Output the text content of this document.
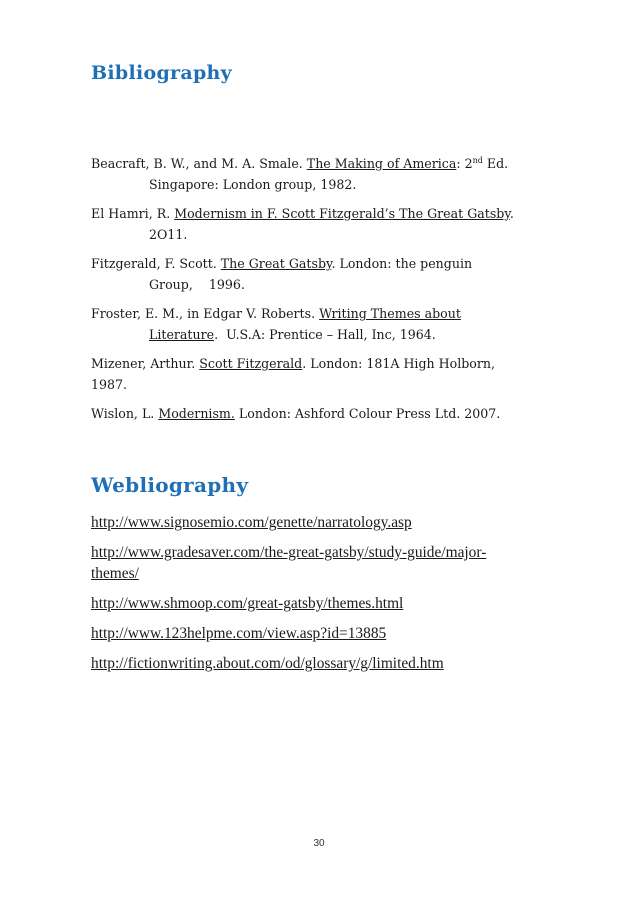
Bibliography
Beacraft, B. W., and M. A. Smale. The Making of America: 2nd Ed.
Singapore: London group, 1982.
El Hamri, R. Modernism in F. Scott Fitzgerald’s The Great Gatsby.
2O11.
Fitzgerald, F. Scott. The Great Gatsby. London: the penguin
Group,    1996.
Froster, E. M., in Edgar V. Roberts. Writing Themes about
Literature.  U.S.A: Prentice – Hall, Inc, 1964.
Mizener, Arthur. Scott Fitzgerald. London: 181A High Holborn,
1987.
Wislon, L. Modernism. London: Ashford Colour Press Ltd. 2007.
Webliography
http://www.signosemio.com/genette/narratology.asp
http://www.gradesaver.com/the-great-gatsby/study-guide/major-
themes/
http://www.shmoop.com/great-gatsby/themes.html
http://www.123helpme.com/view.asp?id=13885
http://fictionwriting.about.com/od/glossary/g/limited.htm
30
